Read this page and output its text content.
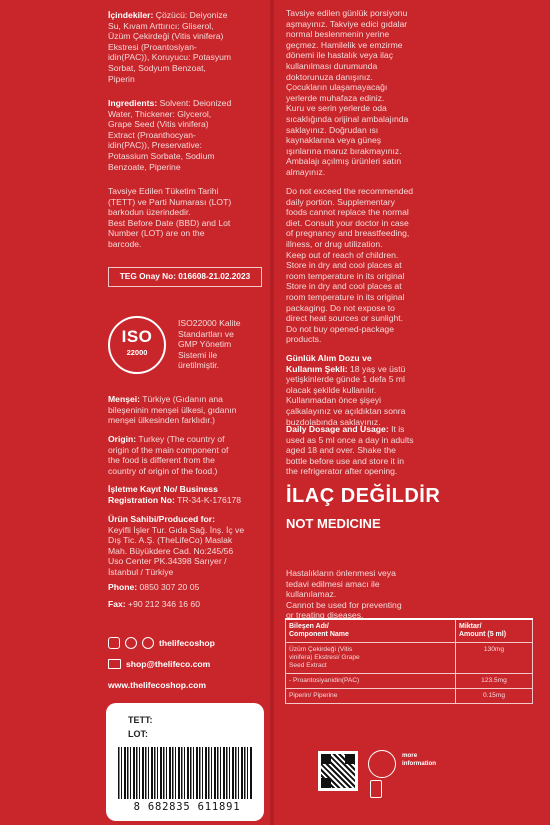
İçindekiler: Çözücü: Deiyonize
Su, Kıvam Arttırıcı: Gliserol,
Üzüm Çekirdeği (Vitis vinifera)
Ekstresi (Proantosiyan-
idin(PAC)), Koruyucu: Potasyum
Sorbat, Sodyum Benzoat,
Piperin
Ingredients: Solvent: Deionized
Water, Thickener: Glycerol,
Grape Seed (Vitis vinifera)
Extract (Proanthocyan-
idin(PAC)), Preservative:
Potassium Sorbate, Sodium
Benzoate, Piperine
Tavsiye Edilen Tüketim Tarihi
(TETT) ve Parti Numarası (LOT)
barkodun üzerindedir.
Best Before Date (BBD) and Lot
Number (LOT) are on the
barcode.
TEG Onay No: 016608-21.02.2023
ISO
22000
ISO22000 Kalite
Standartları ve
GMP Yönetim
Sistemi ile
üretilmiştir.
Menşei: Türkiye (Gıdanın ana
bileşeninin menşei ülkesi, gıdanın
menşei ülkesinden farklıdır.)
Origin: Turkey (The country of
origin of the main component of
the food is different from the
country of origin of the food.)
İşletme Kayıt No/ Business
Registration No: TR-34-K-176178
Ürün Sahibi/Produced for:
Keyifli İşler Tur. Gıda Sağ. İnş. İç ve
Dış Tic. A.Ş. (TheLifeCo) Maslak
Mah. Büyükdere Cad. No:245/56
Uso Center PK.34398 Sarıyer /
İstanbul / Türkiye
Phone: 0850 307 20 05
Fax: +90 212 346 16 60
thelifecoshop
shop@thelifeco.com
www.thelifecoshop.com
TETT:
LOT:
8 682835 611891
Tavsiye edilen günlük porsiyonu
aşmayınız. Takviye edici gıdalar
normal beslenmenin yerine
geçmez. Hamilelik ve emzirme
dönemi ile hastalık veya ilaç
kullanılması durumunda
doktorunuza danışınız.
Çocukların ulaşamayacağı
yerlerde muhafaza ediniz.
Kuru ve serin yerlerde oda
sıcaklığında orijinal ambalajında
saklayınız. Doğrudan ısı
kaynaklarına veya güneş
ışınlarına maruz bırakmayınız.
Ambalajı açılmış ürünleri satın
almayınız.
Do not exceed the recommended
daily portion. Supplementary
foods cannot replace the normal
diet. Consult your doctor in case
of pregnancy and breastfeeding,
illness, or drug utilization.
Keep out of reach of children.
Store in dry and cool places at
room temperature in its original
Store in dry and cool places at
room temperature in its original
packaging. Do not expose to
direct heat sources or sunlight.
Do not buy opened-package
products.
Günlük Alım Dozu ve
Kullanım Şekli: 18 yaş ve üstü
yetişkinlerde günde 1 defa 5 ml
olacak şekilde kullanılır.
Kullanmadan önce şişeyi
çalkalayınız ve açıldıktan sonra
buzdolabında saklayınız.
Daily Dosage and Usage: It is
used as 5 ml once a day in adults
aged 18 and over. Shake the
bottle before use and store it in
the refrigerator after opening.
Hastalıkların önlenmesi veya
tedavi edilmesi amacı ile
kullanılamaz.
Cannot be used for preventing
or treating diseases.
more
information
İLAÇ DEĞİLDİR
NOT MEDICINE
Bileşen Adı/
Component Name	Miktar/
Amount (5 ml)
Üzüm Çekirdeği (Vitis
vinifera) Ekstresi/ Grape
Seed Extract	130mg
- Proantosiyanidin(PAC)	123.5mg
Piperin/ Piperine	0.15mg
